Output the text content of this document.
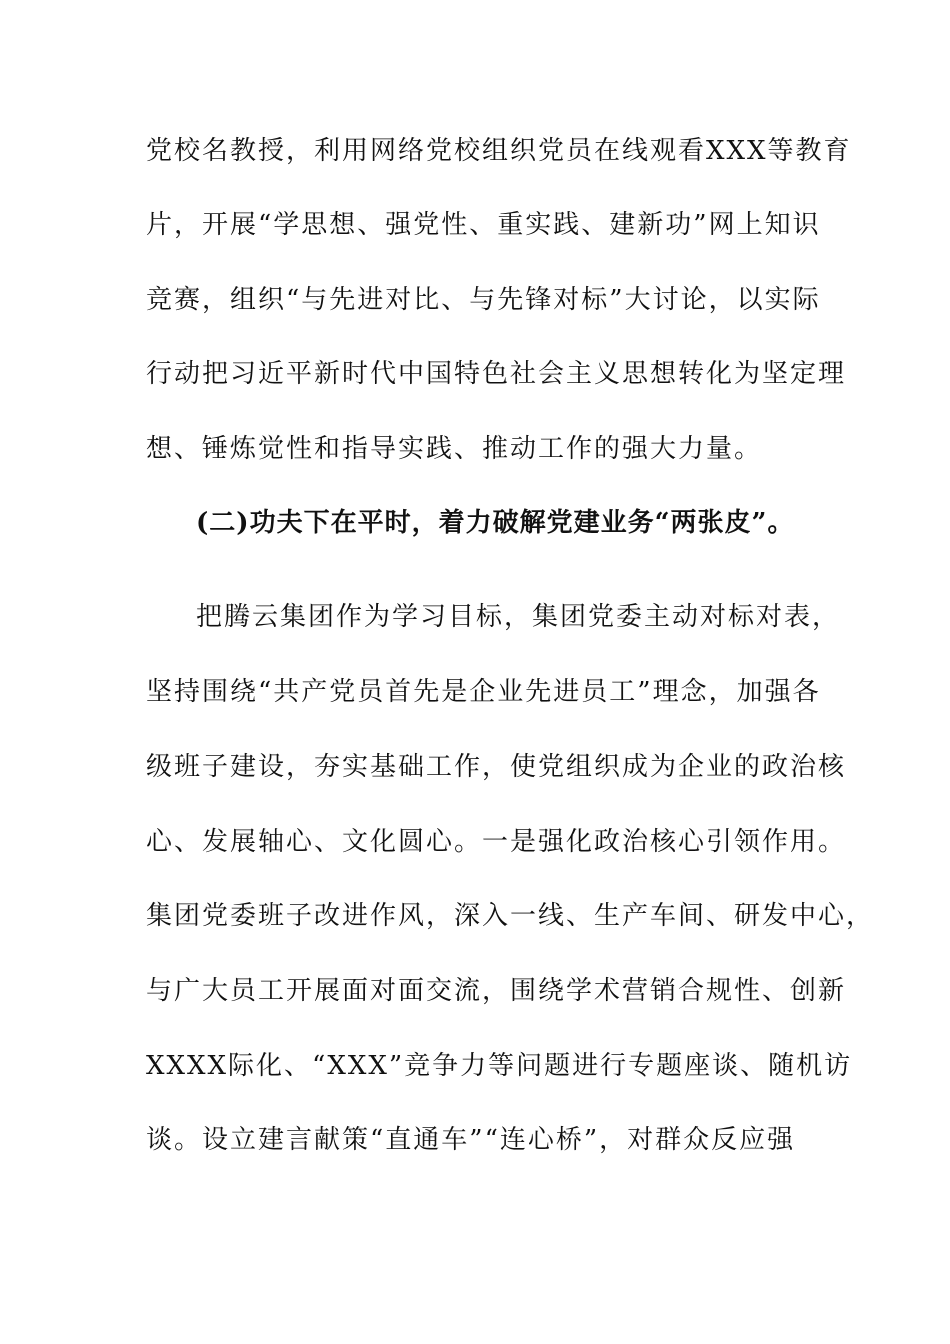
党校名教授，利用网络党校组织党员在线观看XXX等教育
片，开展“学思想、强党性、重实践、建新功”网上知识
竞赛，组织“与先进对比、与先锋对标”大讨论，以实际
行动把习近平新时代中国特色社会主义思想转化为坚定理
想、锤炼觉性和指导实践、推动工作的强大力量。
(二)功夫下在平时，着力破解党建业务“两张皮”。
把腾云集团作为学习目标，集团党委主动对标对表，
坚持围绕“共产党员首先是企业先进员工”理念，加强各
级班子建设，夯实基础工作，使党组织成为企业的政治核
心、发展轴心、文化圆心。一是强化政治核心引领作用。
集团党委班子改进作风，深入一线、生产车间、研发中心，
与广大员工开展面对面交流，围绕学术营销合规性、创新
XXXX际化、“XXX”竞争力等问题进行专题座谈、随机访
谈。设立建言献策“直通车”“连心桥”，对群众反应强
